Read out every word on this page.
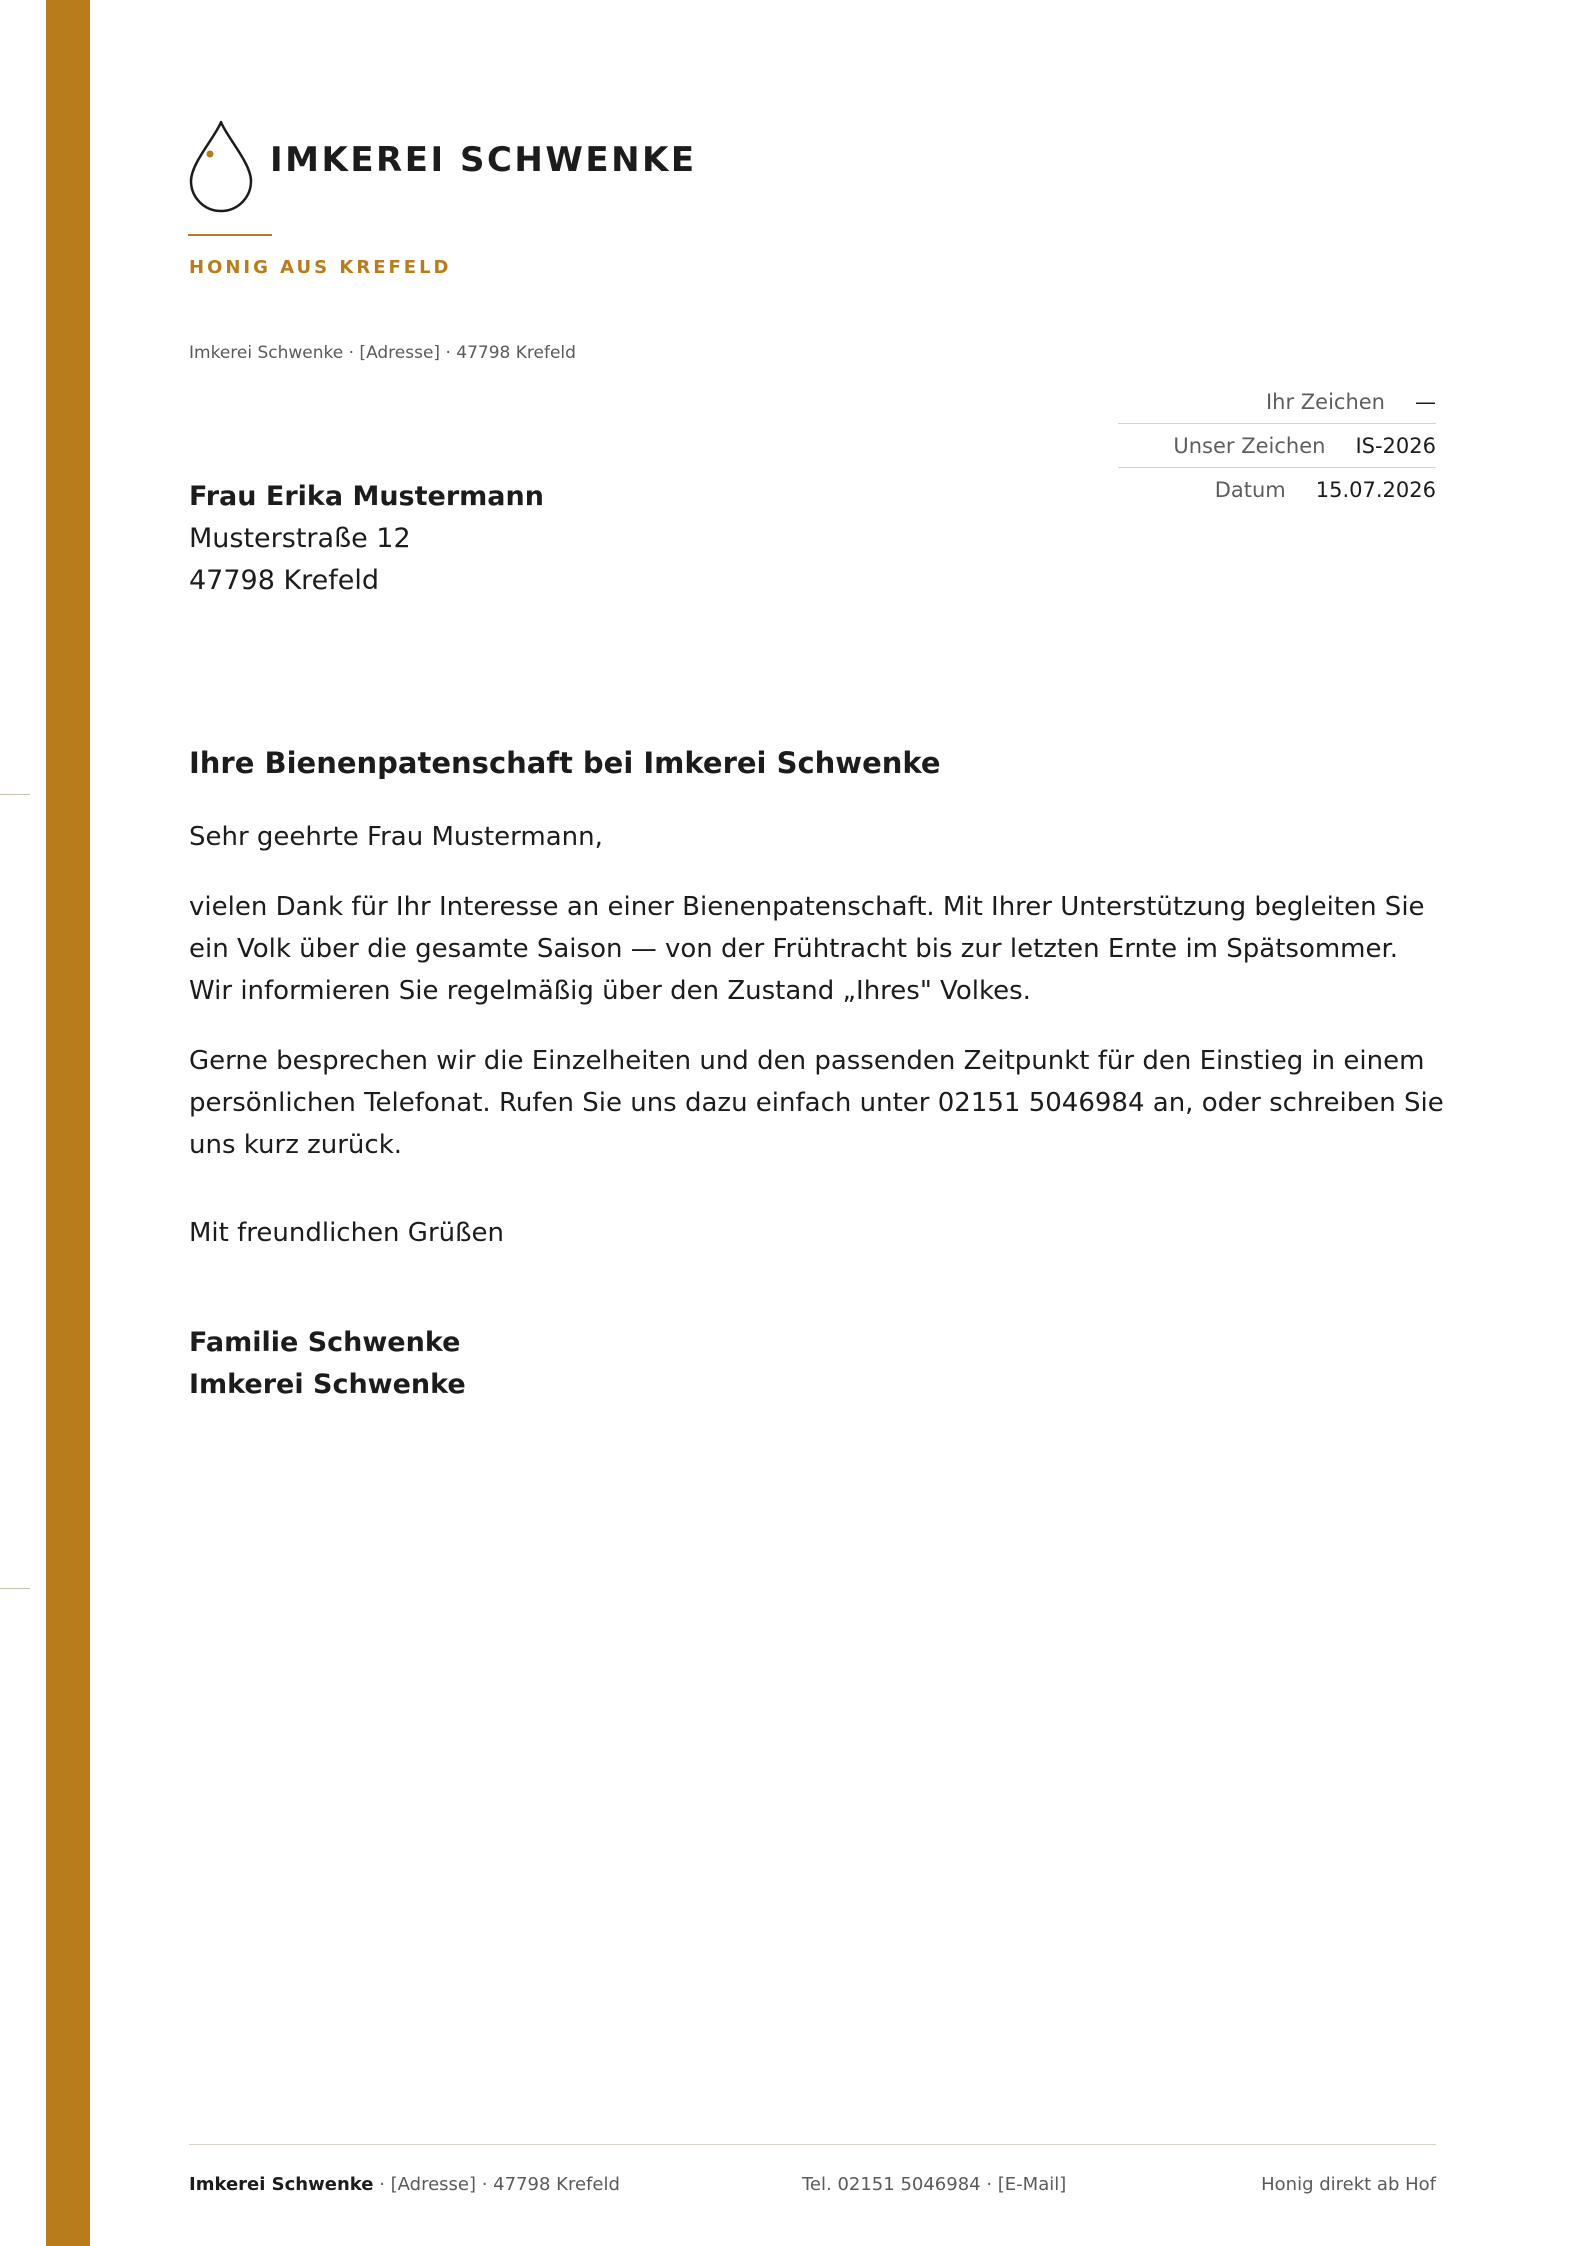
IMKEREI SCHWENKE
HONIG AUS KREFELD
Imkerei Schwenke · [Adresse] · 47798 Krefeld
Ihr Zeichen —
Unser Zeichen IS-2026
Datum 15.07.2026
Frau Erika Mustermann
Musterstraße 12
47798 Krefeld
Ihre Bienenpatenschaft bei Imkerei Schwenke
Sehr geehrte Frau Mustermann,
vielen Dank für Ihr Interesse an einer Bienenpatenschaft. Mit Ihrer Unterstützung begleiten Sie ein Volk über die gesamte Saison — von der Frühtracht bis zur letzten Ernte im Spätsommer. Wir informieren Sie regelmäßig über den Zustand „Ihres" Volkes.
Gerne besprechen wir die Einzelheiten und den passenden Zeitpunkt für den Einstieg in einem persönlichen Telefonat. Rufen Sie uns dazu einfach unter 02151 5046984 an, oder schreiben Sie uns kurz zurück.
Mit freundlichen Grüßen
Familie Schwenke
Imkerei Schwenke
Imkerei Schwenke · [Adresse] · 47798 Krefeld	Tel. 02151 5046984 · [E-Mail]	Honig direkt ab Hof
